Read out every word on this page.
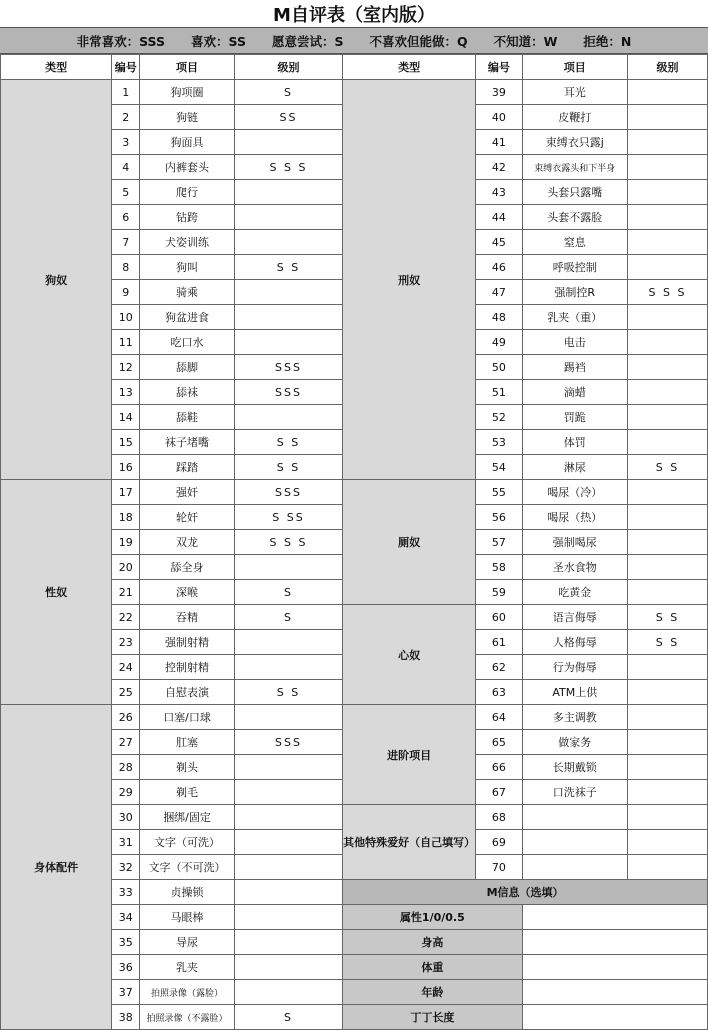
M自评表（室内版）
非常喜欢：SSS 喜欢：SS 愿意尝试：S 不喜欢但能做：Q 不知道：W 拒绝：N
类型	编号	项目	级别	类型	编号	项目	级别
狗奴	1	狗项圈	S	刑奴	39	耳光	
	2	狗链	SS		40	皮鞭打	
	3	狗面具			41	束缚衣只露j	
	4	内裤套头	S S S		42	束缚衣露头和下半身	
	5	爬行			43	头套只露嘴	
	6	钻跨			44	头套不露脸	
	7	犬姿训练			45	窒息	
	8	狗叫	S S		46	呼吸控制	
	9	骑乘			47	强制控R	S S S
	10	狗盆进食			48	乳夹（重）	
	11	吃口水			49	电击	
	12	舔脚	SSS		50	踢裆	
	13	舔袜	SSS		51	滴蜡	
	14	舔鞋			52	罚跪	
	15	袜子堵嘴	S S		53	体罚	
	16	踩踏	S S		54	淋尿	S S
性奴	17	强奸	SSS	厕奴	55	喝尿（冷）	
	18	轮奸	S SS		56	喝尿（热）	
	19	双龙	S S S		57	强制喝尿	
	20	舔全身			58	圣水食物	
	21	深喉	S		59	吃黄金	
	22	吞精	S	心奴	60	语言侮辱	S S
	23	强制射精			61	人格侮辱	S S
	24	控制射精			62	行为侮辱	
	25	自慰表演	S S		63	ATM上供	
身体配件	26	口塞/口球		进阶项目	64	多主调教	
	27	肛塞	SSS		65	做家务	
	28	剃头			66	长期戴锁	
	29	剃毛			67	口洗袜子	
	30	捆绑/固定		其他特殊爱好（自己填写）	68		
	31	文字（可洗）			69		
	32	文字（不可洗）			70		
	33	贞操锁		M信息（选填）			
	34	马眼棒		属性1/0/0.5			
	35	导尿		身高			
	36	乳夹		体重			
	37	拍照录像（露脸）		年龄			
	38	拍照录像（不露脸）	S	丁丁长度			
